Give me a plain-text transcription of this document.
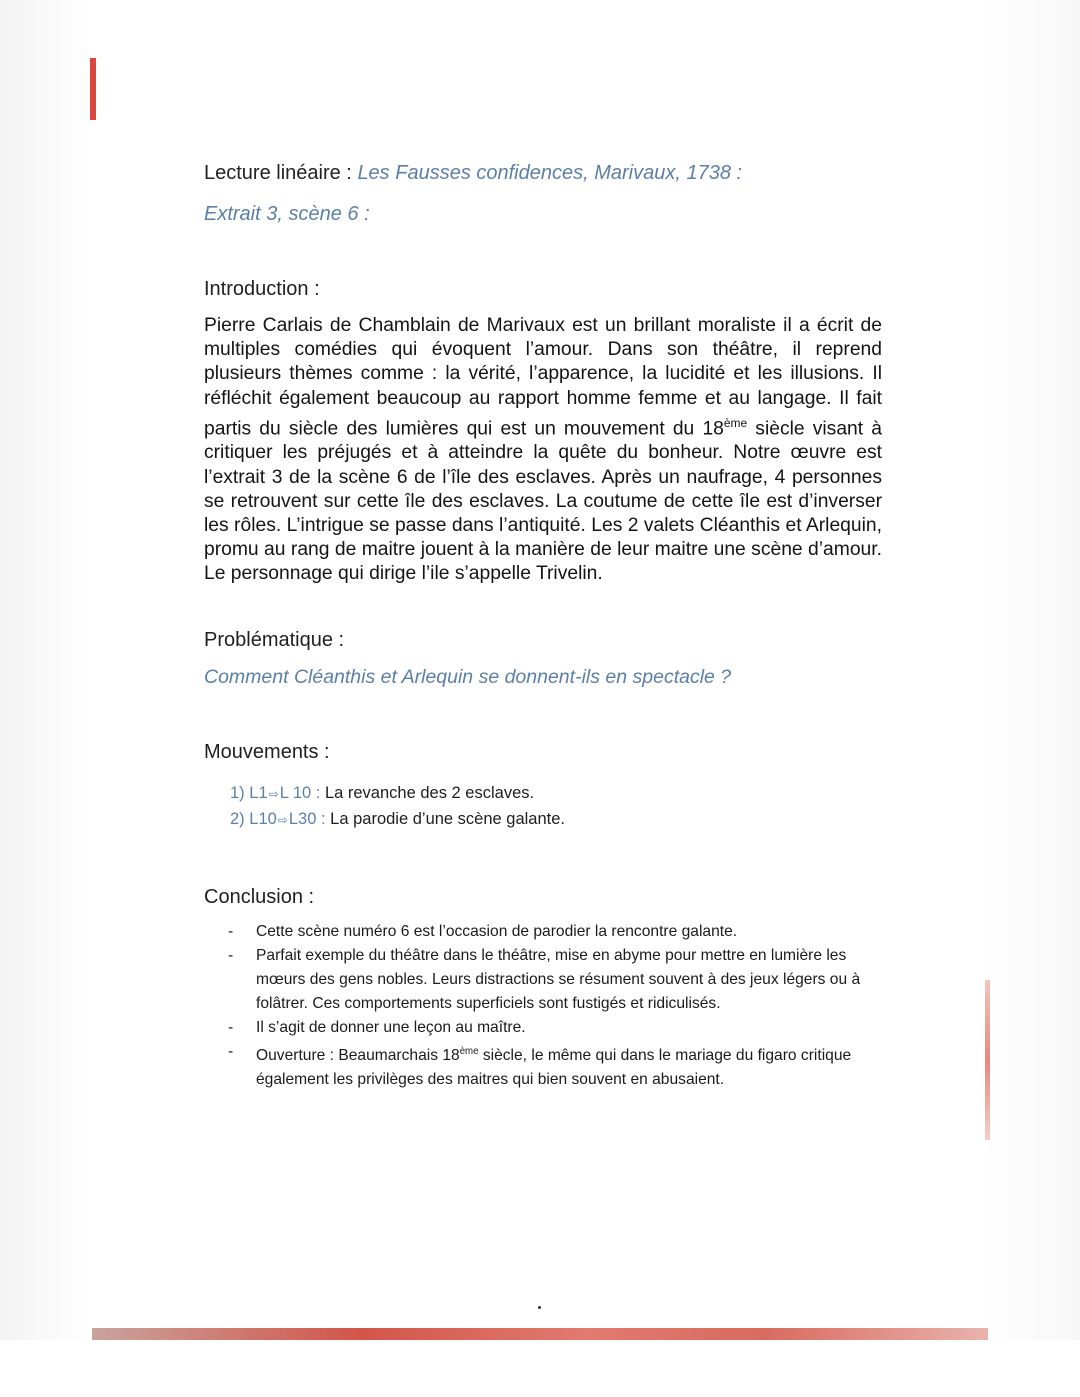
Lecture linéaire : Les Fausses confidences, Marivaux, 1738 :
Extrait 3, scène 6 :
Introduction :
Pierre Carlais de Chamblain de Marivaux est un brillant moraliste il a écrit de multiples comédies qui évoquent l’amour. Dans son théâtre, il reprend plusieurs thèmes comme : la vérité, l’apparence, la lucidité et les illusions. Il réfléchit également beaucoup au rapport homme femme et au langage. Il fait partis du siècle des lumières qui est un mouvement du 18ème siècle visant à critiquer les préjugés et à atteindre la quête du bonheur. Notre œuvre est l’extrait 3 de la scène 6 de l’île des esclaves. Après un naufrage, 4 personnes se retrouvent sur cette île des esclaves. La coutume de cette île est d’inverser les rôles. L’intrigue se passe dans l’antiquité. Les 2 valets Cléanthis et Arlequin, promu au rang de maitre jouent à la manière de leur maitre une scène d’amour. Le personnage qui dirige l’ile s’appelle Trivelin.
Problématique :
Comment Cléanthis et Arlequin se donnent-ils en spectacle ?
Mouvements :
1) L1⇨L 10 : La revanche des 2 esclaves.
2) L10⇨L30 : La parodie d’une scène galante.
Conclusion :
- Cette scène numéro 6 est l’occasion de parodier la rencontre galante.
- Parfait exemple du théâtre dans le théâtre, mise en abyme pour mettre en lumière les mœurs des gens nobles. Leurs distractions se résument souvent à des jeux légers ou à folâtrer. Ces comportements superficiels sont fustigés et ridiculisés.
- Il s’agit de donner une leçon au maître.
- Ouverture : Beaumarchais 18ème siècle, le même qui dans le mariage du figaro critique également les privilèges des maitres qui bien souvent en abusaient.
